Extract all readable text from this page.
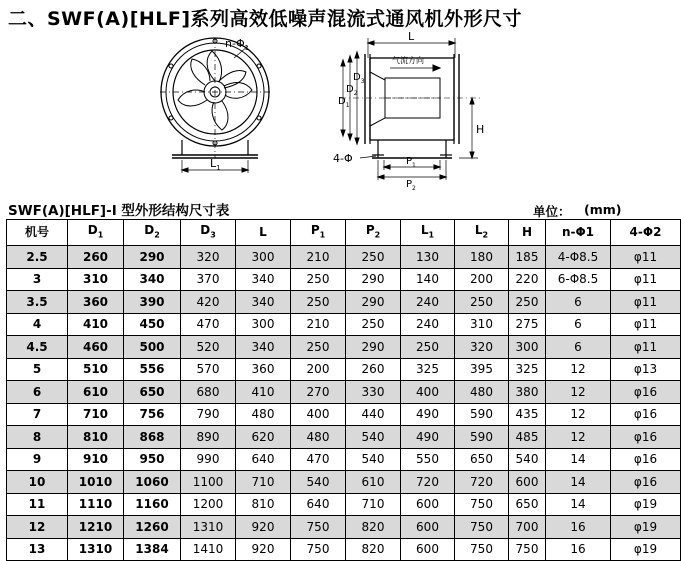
二、SWF(A)[HLF]系列高效低噪声混流式通风机外形尺寸
$n-\Phi_1$
$L_1$
L
气流方向
$D_1$
$D_2$
$D_3$
H
4-Φ	$P_1$
$P_2$
SWF(A)[HLF]-I 型外形结构尺寸表	单位： (mm)
机号	$D_1$	$D_2$	$D_3$	L	$P_1$	$P_2$	$L_1$	$L_2$	H	n-Φ1	4-Φ2
2.5	260	290	320	300	210	250	130	180	185	4-Φ8.5	φ11
3	310	340	370	340	250	290	140	200	220	6-Φ8.5	φ11
3.5	360	390	420	340	250	290	240	250	250	6	φ11
4	410	450	470	300	210	250	240	310	275	6	φ11
4.5	460	500	520	340	250	290	250	320	300	6	φ11
5	510	556	570	360	200	260	325	395	325	12	φ13
6	610	650	680	410	270	330	400	480	380	12	φ16
7	710	756	790	480	400	440	490	590	435	12	φ16
8	810	868	890	620	480	540	490	590	485	12	φ16
9	910	950	990	640	470	540	550	650	540	14	φ16
10	1010	1060	1100	710	540	610	720	720	600	14	φ16
11	1110	1160	1200	810	640	710	600	750	650	14	φ19
12	1210	1260	1310	920	750	820	600	750	700	16	φ19
13	1310	1384	1410	920	750	820	600	750	750	16	φ19
